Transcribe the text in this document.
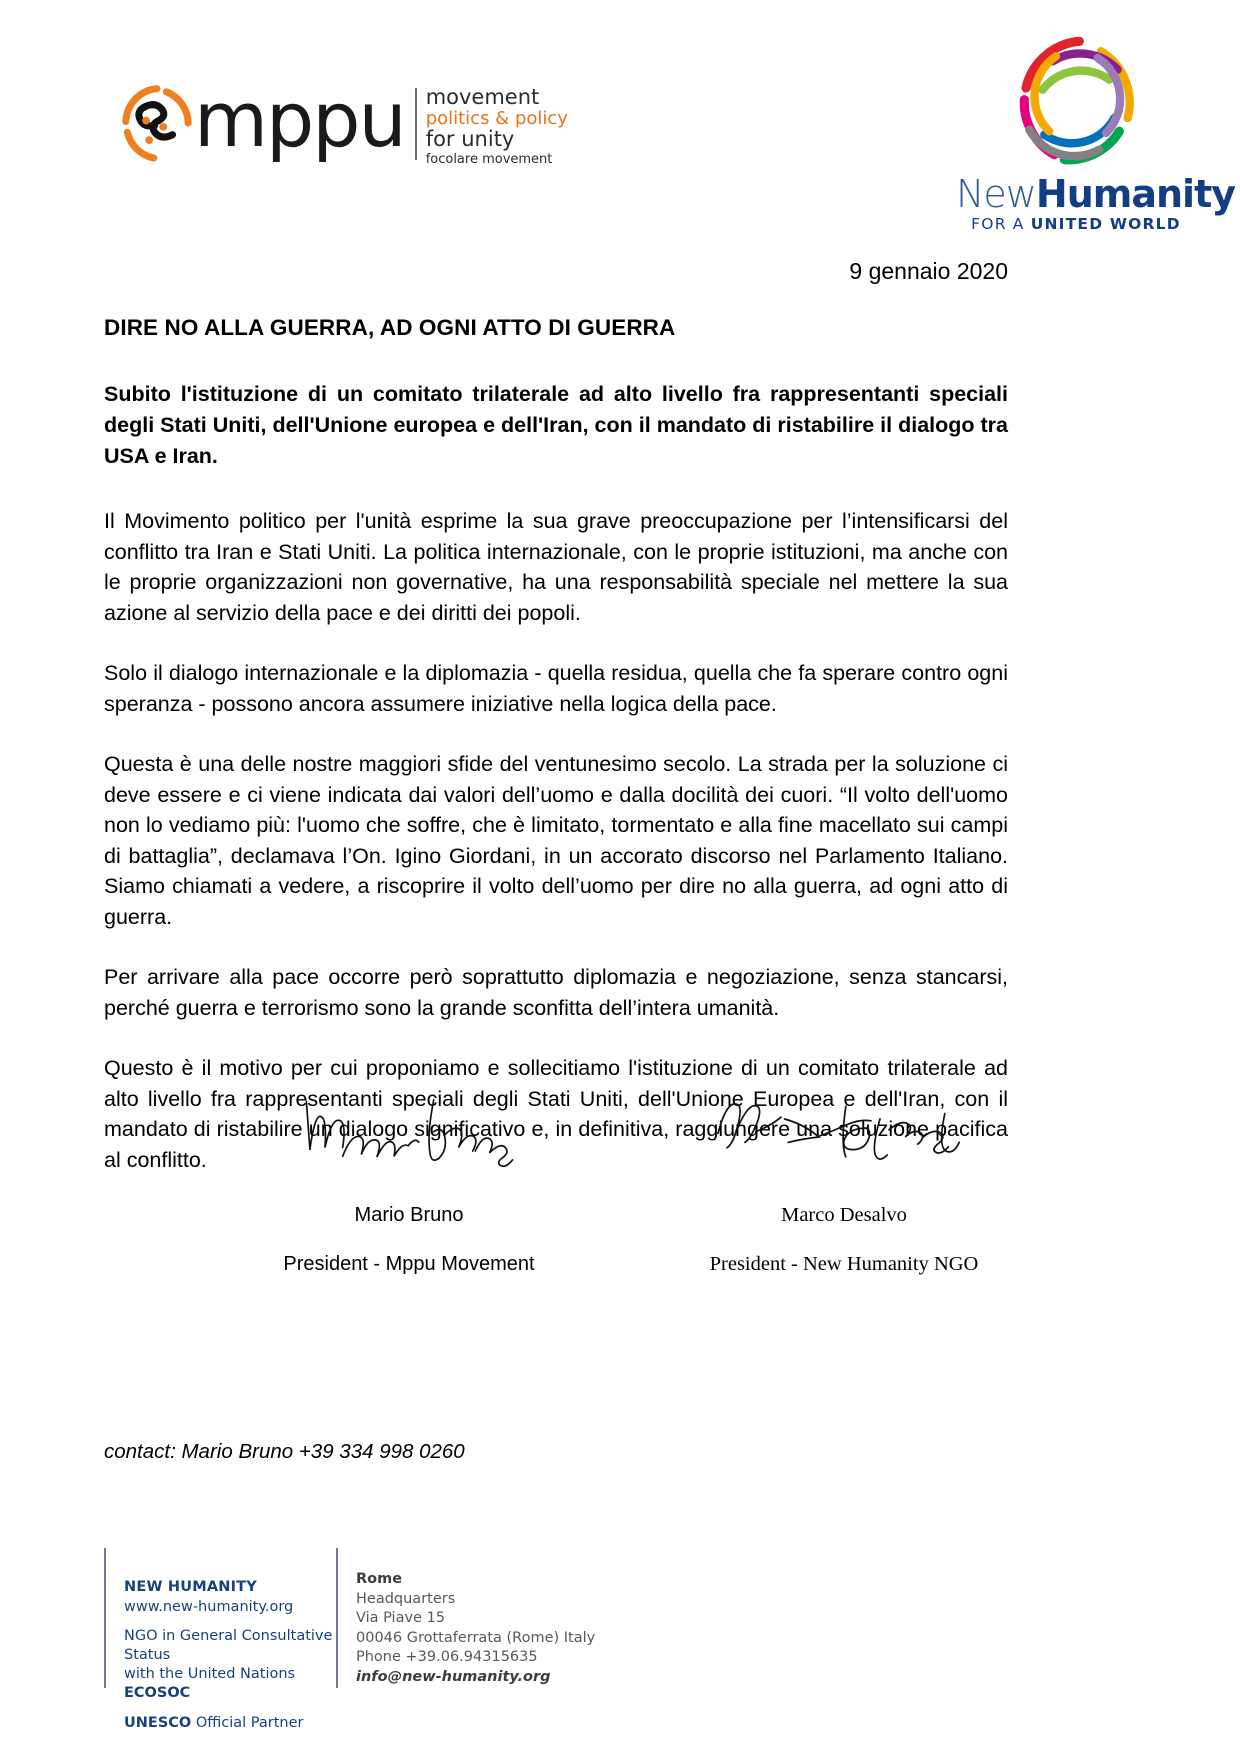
mppu movement
politics & policy
for unity
focolare movement
NewHumanity
FOR A UNITED WORLD
9 gennaio 2020
DIRE NO ALLA GUERRA, AD OGNI ATTO DI GUERRA
Subito l'istituzione di un comitato trilaterale ad alto livello fra rappresentanti speciali degli Stati Uniti, dell'Unione europea e dell'Iran, con il mandato di ristabilire il dialogo tra USA e Iran.
Il Movimento politico per l'unità esprime la sua grave preoccupazione per l’intensificarsi del conflitto tra Iran e Stati Uniti. La politica internazionale, con le proprie istituzioni, ma anche con le proprie organizzazioni non governative, ha una responsabilità speciale nel mettere la sua azione al servizio della pace e dei diritti dei popoli.
Solo il dialogo internazionale e la diplomazia - quella residua, quella che fa sperare contro ogni speranza - possono ancora assumere iniziative nella logica della pace.
Questa è una delle nostre maggiori sfide del ventunesimo secolo. La strada per la soluzione ci deve essere e ci viene indicata dai valori dell’uomo e dalla docilità dei cuori. “Il volto dell'uomo non lo vediamo più: l'uomo che soffre, che è limitato, tormentato e alla fine macellato sui campi di battaglia”, declamava l’On. Igino Giordani, in un accorato discorso nel Parlamento Italiano. Siamo chiamati a vedere, a riscoprire il volto dell’uomo per dire no alla guerra, ad ogni atto di guerra.
Per arrivare alla pace occorre però soprattutto diplomazia e negoziazione, senza stancarsi, perché guerra e terrorismo sono la grande sconfitta dell’intera umanità.
Questo è il motivo per cui proponiamo e sollecitiamo l'istituzione di un comitato trilaterale ad alto livello fra rappresentanti speciali degli Stati Uniti, dell'Unione Europea e dell'Iran, con il mandato di ristabilire un dialogo significativo e, in definitiva, raggiungere una soluzione pacifica al conflitto.
Mario Bruno
President - Mppu Movement
Marco Desalvo
President - New Humanity NGO
contact: Mario Bruno +39 334 998 0260
NEW HUMANITY
www.new-humanity.org
NGO in General Consultative Status
with the United Nations ECOSOC
UNESCO Official Partner
Rome
Headquarters
Via Piave 15
00046 Grottaferrata (Rome) Italy
Phone +39.06.94315635
info@new-humanity.org
